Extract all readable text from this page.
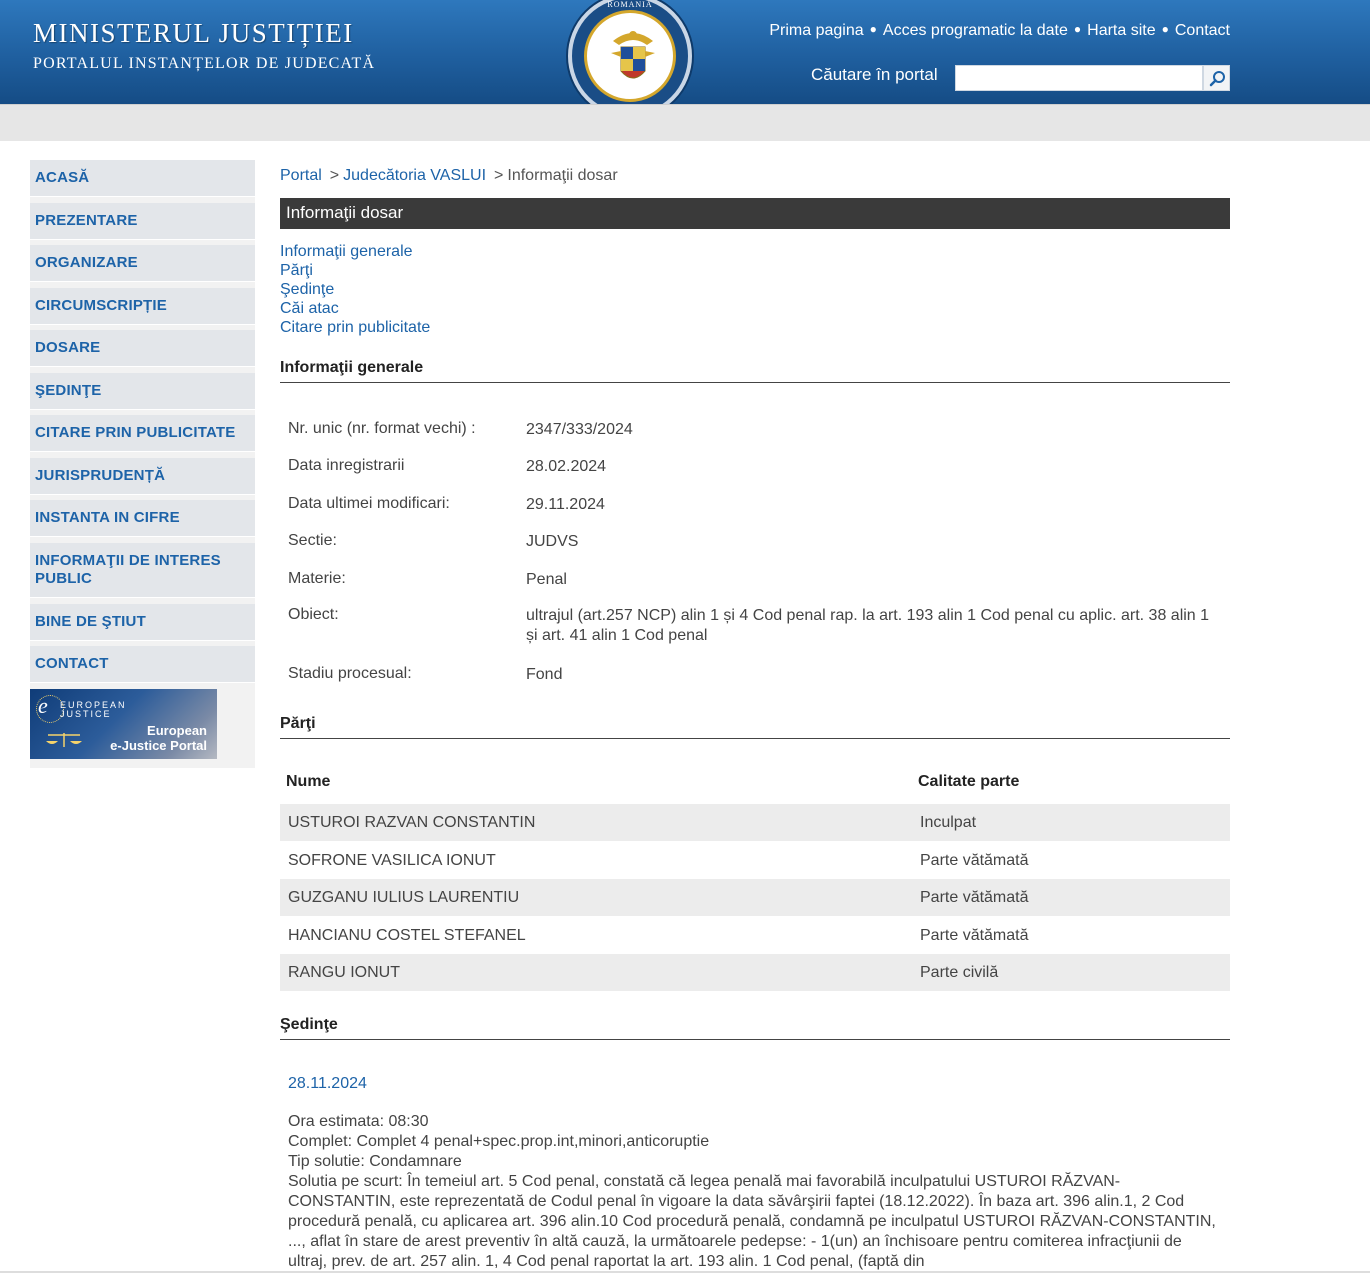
MINISTERUL JUSTIȚIEI
PORTALUL INSTANȚELOR DE JUDECATĂ
ROMANIA
Prima pagina ● Acces programatic la date ● Harta site ● Contact
Căutare în portal
ACASĂ
PREZENTARE
ORGANIZARE
CIRCUMSCRIPȚIE
DOSARE
ŞEDINŢE
CITARE PRIN PUBLICITATE
JURISPRUDENȚĂ
INSTANTA IN CIFRE
INFORMAŢII DE INTERES PUBLIC
BINE DE ŞTIUT
CONTACT
e EUROPEAN JUSTICE
European
e-Justice Portal
Portal > Judecătoria VASLUI > Informaţii dosar
Informaţii dosar
Informaţii generale
Părţi
Şedinţe
Căi atac
Citare prin publicitate
Informaţii generale
Nr. unic (nr. format vechi) :	2347/333/2024
Data inregistrarii	28.02.2024
Data ultimei modificari:	29.11.2024
Sectie:	JUDVS
Materie:	Penal
Obiect:	ultrajul (art.257 NCP) alin 1 și 4 Cod penal rap. la art. 193 alin 1 Cod penal cu aplic. art. 38 alin 1 și art. 41 alin 1 Cod penal
Stadiu procesual:	Fond
Părţi
Nume	Calitate parte
USTUROI RAZVAN CONSTANTIN	Inculpat
SOFRONE VASILICA IONUT	Parte vătămată
GUZGANU IULIUS LAURENTIU	Parte vătămată
HANCIANU COSTEL STEFANEL	Parte vătămată
RANGU IONUT	Parte civilă
Şedinţe
28.11.2024
Ora estimata: 08:30
Complet: Complet 4 penal+spec.prop.int,minori,anticoruptie
Tip solutie: Condamnare
Solutia pe scurt: În temeiul art. 5 Cod penal, constată că legea penală mai favorabilă inculpatului USTUROI RĂZVAN-CONSTANTIN, este reprezentată de Codul penal în vigoare la data săvârşirii faptei (18.12.2022). În baza art. 396 alin.1, 2 Cod procedură penală, cu aplicarea art. 396 alin.10 Cod procedură penală, condamnă pe inculpatul USTUROI RĂZVAN-CONSTANTIN, ..., aflat în stare de arest preventiv în altă cauză, la următoarele pedepse: - 1(un) an închisoare pentru comiterea infracţiunii de ultraj, prev. de art. 257 alin. 1, 4 Cod penal raportat la art. 193 alin. 1 Cod penal, (faptă din
